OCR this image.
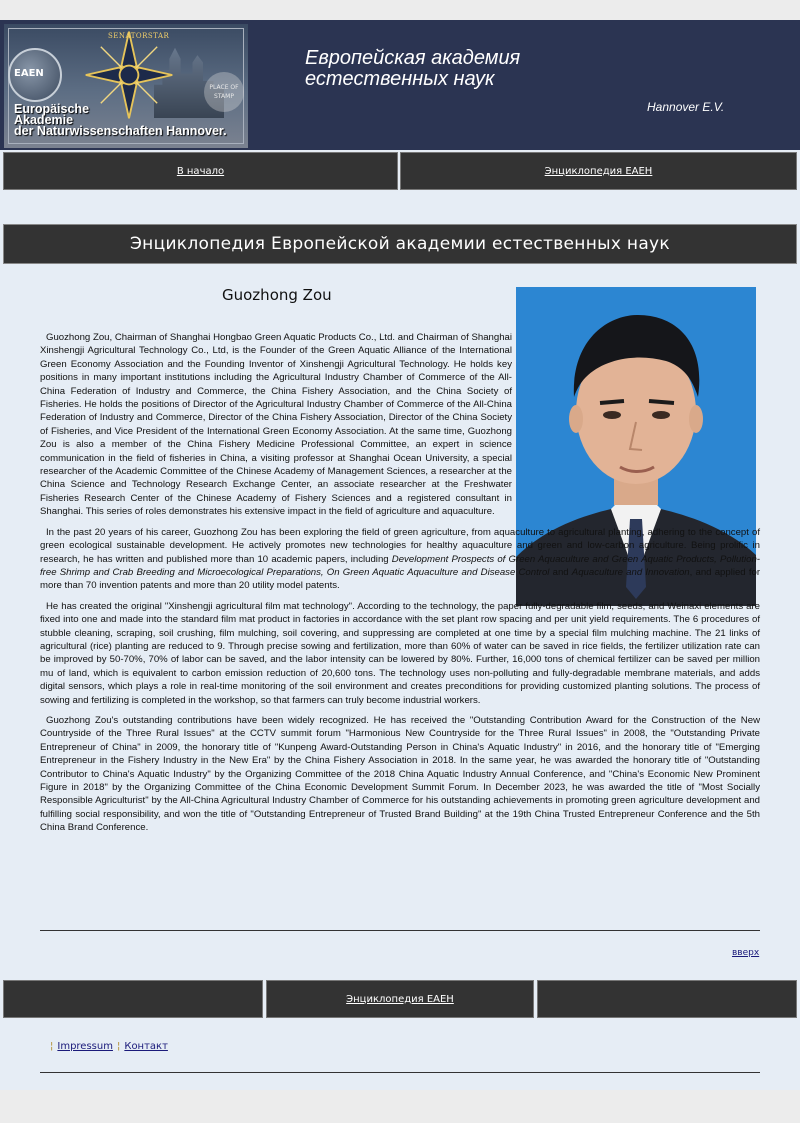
EAEN
SENATORSTAR
PLACE OF STAMP
Europäische
Akademie
der Naturwissenschaften Hannover.
Европейская академия
естественных наук
Hannover E.V.
В начало	Энциклопедия ЕАЕН
Энциклопедия Европейской академии естественных наук
Guozhong Zou

Guozhong Zou, Chairman of Shanghai Hongbao Green Aquatic Products Co., Ltd. and Chairman of Shanghai Xinshengji Agricultural Technology Co., Ltd, is the Founder of the Green Aquatic Alliance of the International Green Economy Association and the Founding Inventor of Xinshengji Agricultural Technology. He holds key positions in many important institutions including the Agricultural Industry Chamber of Commerce of the All-China Federation of Industry and Commerce, the China Fishery Association, and the China Society of Fisheries. He holds the positions of Director of the Agricultural Industry Chamber of Commerce of the All-China Federation of Industry and Commerce, Director of the China Fishery Association, Director of the China Society of Fisheries, and Vice President of the International Green Economy Association. At the same time, Guozhong Zou is also a member of the China Fishery Medicine Professional Committee, an expert in science communication in the field of fisheries in China, a visiting professor at Shanghai Ocean University, a special researcher of the Academic Committee of the Chinese Academy of Management Sciences, a researcher at the China Science and Technology Research Exchange Center, an associate researcher at the Freshwater Fisheries Research Center of the Chinese Academy of Fishery Sciences and a registered consultant in Shanghai. This series of roles demonstrates his extensive impact in the field of agriculture and aquaculture.

In the past 20 years of his career, Guozhong Zou has been exploring the field of green agriculture, from aquaculture to agricultural planting, adhering to the concept of green ecological sustainable development. He actively promotes new technologies for healthy aquaculture and green and low-carbon agriculture. Being prolific in research, he has written and published more than 10 academic papers, including Development Prospects of Green Aquaculture and Green Aquatic Products, Pollution-free Shrimp and Crab Breeding and Microecological Preparations, On Green Aquatic Aquaculture and Disease Control and Aquaculture and Innovation, and applied for more than 70 invention patents and more than 20 utility model patents.

He has created the original "Xinshengji agricultural film mat technology". According to the technology, the paper fully-degradable film, seeds, and Weinaxi elements are fixed into one and made into the standard film mat product in factories in accordance with the set plant row spacing and per unit yield requirements. The 6 procedures of stubble cleaning, scraping, soil crushing, film mulching, soil covering, and suppressing are completed at one time by a special film mulching machine. The 21 links of agricultural (rice) planting are reduced to 9. Through precise sowing and fertilization, more than 60% of water can be saved in rice fields, the fertilizer utilization rate can be improved by 50-70%, 70% of labor can be saved, and the labor intensity can be lowered by 80%. Further, 16,000 tons of chemical fertilizer can be saved per million mu of land, which is equivalent to carbon emission reduction of 20,600 tons. The technology uses non-polluting and fully-degradable membrane materials, and adds digital sensors, which plays a role in real-time monitoring of the soil environment and creates preconditions for providing customized planting solutions. The process of sowing and fertilizing is completed in the workshop, so that farmers can truly become industrial workers.

Guozhong Zou's outstanding contributions have been widely recognized. He has received the "Outstanding Contribution Award for the Construction of the New Countryside of the Three Rural Issues" at the CCTV summit forum "Harmonious New Countryside for the Three Rural Issues" in 2008, the "Outstanding Private Entrepreneur of China" in 2009, the honorary title of "Kunpeng Award-Outstanding Person in China's Aquatic Industry" in 2016, and the honorary title of "Emerging Entrepreneur in the Fishery Industry in the New Era" by the China Fishery Association in 2018. In the same year, he was awarded the honorary title of "Outstanding Contributor to China's Aquatic Industry" by the Organizing Committee of the 2018 China Aquatic Industry Annual Conference, and "China's Economic New Prominent Figure in 2018" by the Organizing Committee of the China Economic Development Summit Forum. In December 2023, he was awarded the title of "Most Socially Responsible Agriculturist" by the All-China Agricultural Industry Chamber of Commerce for his outstanding achievements in promoting green agriculture development and fulfilling social responsibility, and won the title of "Outstanding Entrepreneur of Trusted Brand Building" at the 19th China Trusted Entrepreneur Conference and the 5th China Brand Conference.

вверх
Энциклопедия ЕАЕН
¦ Impressum ¦ Контакт
